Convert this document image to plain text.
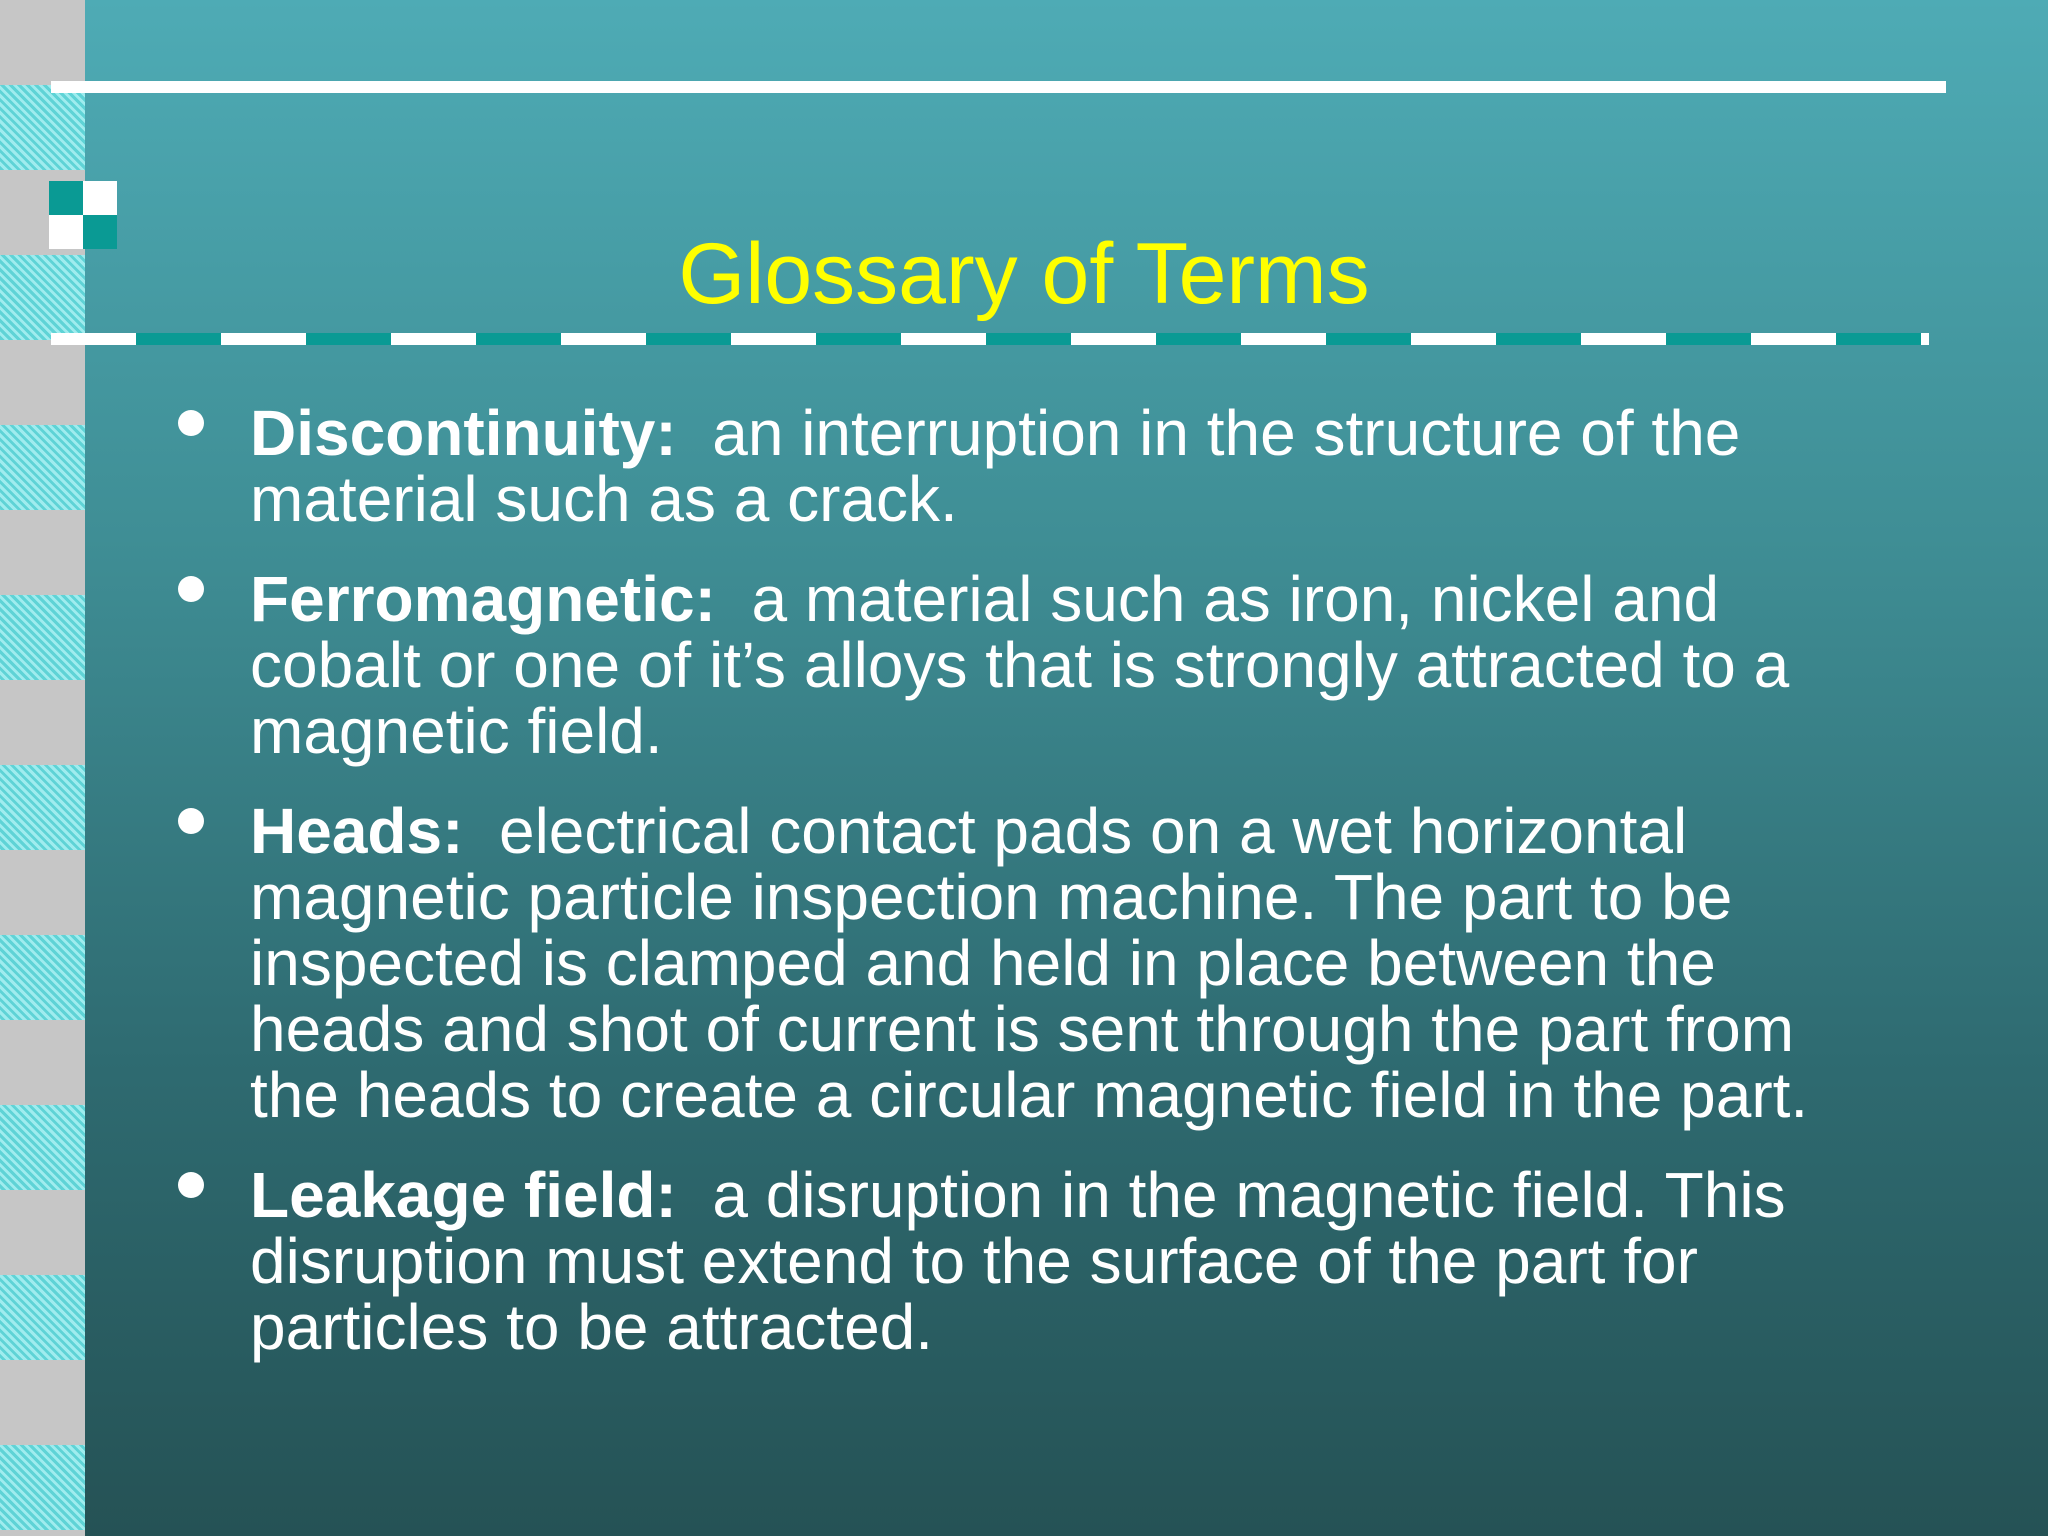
Glossary of Terms
Discontinuity: an interruption in the structure of the material such as a crack.
Ferromagnetic: a material such as iron, nickel and cobalt or one of it’s alloys that is strongly attracted to a magnetic field.
Heads: electrical contact pads on a wet horizontal magnetic particle inspection machine. The part to be inspected is clamped and held in place between the heads and shot of current is sent through the part from the heads to create a circular magnetic field in the part.
Leakage field: a disruption in the magnetic field. This disruption must extend to the surface of the part for particles to be attracted.
